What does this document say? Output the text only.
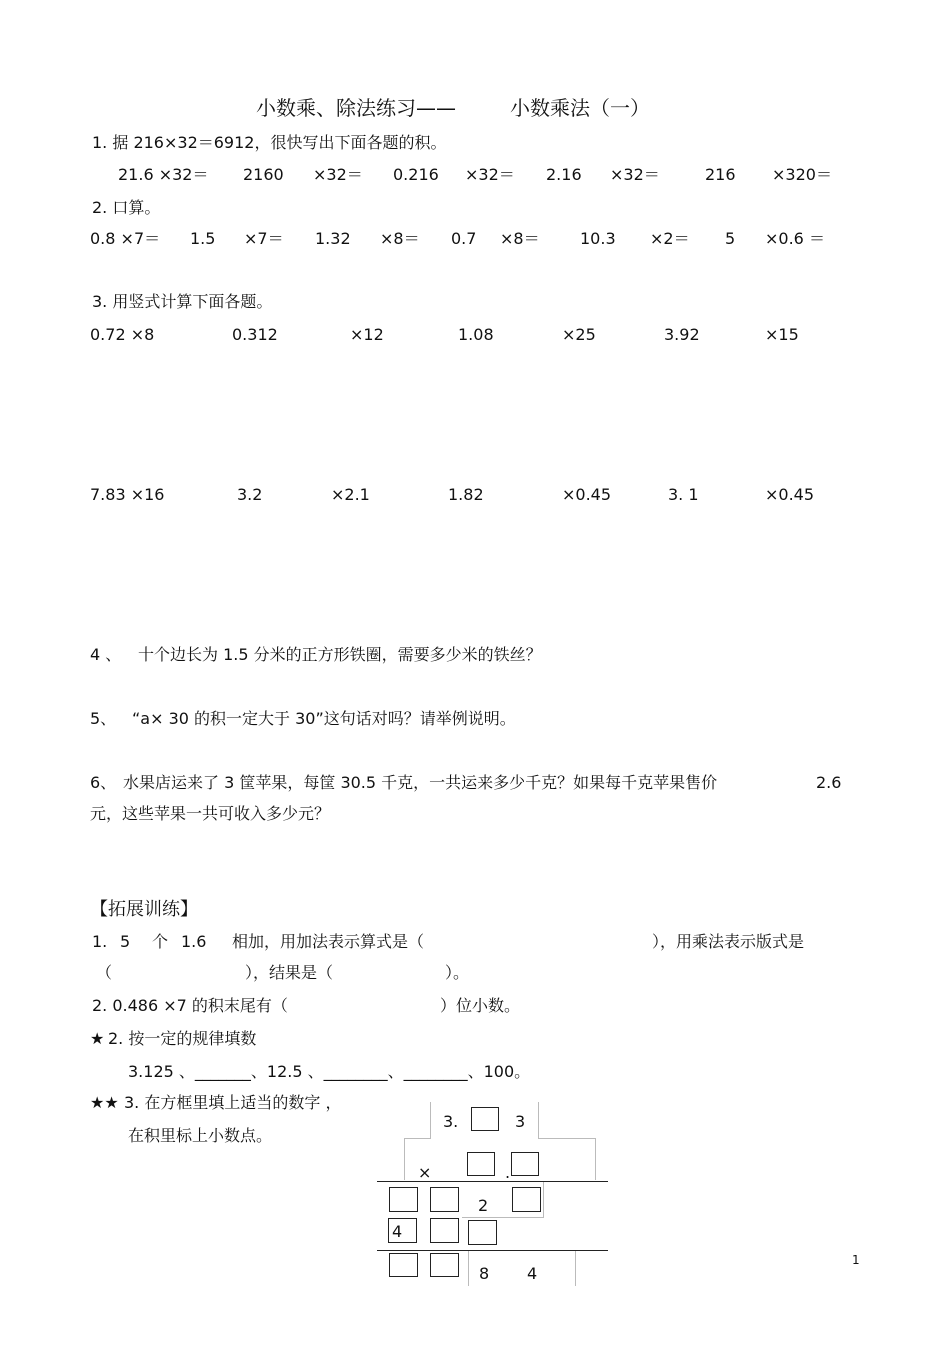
小数乘、除法练习——	小数乘法（一）
1. 据 216×32＝6912，很快写出下面各题的积。
21.6 ×32＝ 2160 ×32＝ 0.216 ×32＝ 2.16 ×32＝	216 ×320＝
2. 口算。
0.8 ×7＝ 1.5 ×7＝ 1.32 ×8＝ 0.7 ×8＝	10.3 ×2＝ 5 ×0.6 ＝
3. 用竖式计算下面各题。
0.72 ×8	0.312	×12	1.08	×25	3.92	×15
7.83 ×16	3.2	×2.1	1.82	×0.45	3. 1	×0.45
4 、 十个边长为 1.5 分米的正方形铁圈，需要多少米的铁丝？
5、 “a× 30 的积一定大于 30”这句话对吗？请举例说明。
6、 水果店运来了 3 筐苹果，每筐 30.5 千克，一共运来多少千克？如果每千克苹果售价	2.6
元，这些苹果一共可收入多少元？
【拓展训练】
1. 5 个 1.6 相加，用加法表示算式是（	），用乘法表示版式是
（	），结果是（	）。
2. 0.486 ×7 的积末尾有（	）位小数。
★ 2. 按一定的规律填数
3.125 、_______、12.5 、________、________、100。
★★ 3. 在方框里填上适当的数字 ，
在积里标上小数点。
3.	3
×	.
2
4
8 4
1
